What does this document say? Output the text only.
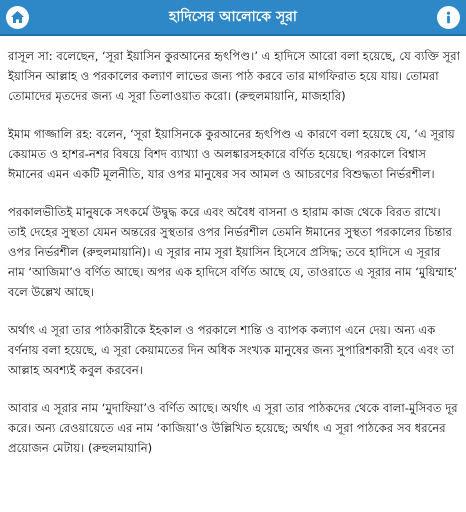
হাদিসের আলোকে সূরা

রাসূল সা: বলেছেন, ‘সূরা ইয়াসিন কুরআনের হৃৎপিণ্ড।’ এ হাদিসে আরো বলা হয়েছে, যে ব্যক্তি সূরা ইয়াসিন আল্লাহ ও পরকালের কল্যাণ লাভের জন্য পাঠ করবে তার মাগফিরাত হয়ে যায়। তোমরা তোমাদের মৃতদের জন্য এ সূরা তিলাওয়াত করো। (রুহুলমায়ানি, মাজহারি)

ইমাম গাজ্জালি রহ: বলেন, ‘সূরা ইয়াসিনকে কুরআনের হৃৎপিণ্ড এ কারণে বলা হয়েছে যে, ‘এ সূরায় কেয়ামত ও হাশর-নশর বিষয়ে বিশদ ব্যাখ্যা ও অলঙ্কারসহকারে বর্ণিত হয়েছে। পরকালে বিশ্বাস ঈমানের এমন একটি মূলনীতি, যার ওপর মানুষের সব আমল ও আচরণের বিশুদ্ধতা নির্ভরশীল।

পরকালভীতিই মানুষকে সৎকর্মে উদ্বুদ্ধ করে এবং অবৈধ বাসনা ও হারাম কাজ থেকে বিরত রাখে। তাই দেহের সুস্থতা যেমন অন্তরের সুস্থতার ওপর নির্ভরশীল তেমনি ঈমানের সুস্থতা পরকালের চিন্তার ওপর নির্ভরশীল (রুহুলমায়ানি)। এ সূরার নাম সূরা ইয়াসিন হিসেবে প্রসিদ্ধ; তবে হাদিসে এ সূরার নাম ‘আজিমা’ও বর্ণিত আছে। অপর এক হাদিসে বর্ণিত আছে যে, তাওরাতে এ সূরার নাম ‘মুয়িম্মাহ’ বলে উল্লেখ আছে।

অর্থাৎ এ সূরা তার পাঠকারীকে ইহকাল ও পরকালে শান্তি ও ব্যাপক কল্যাণ এনে দেয়। অন্য এক বর্ণনায় বলা হয়েছে, এ সূরা কেয়ামতের দিন অধিক সংখ্যক মানুষের জন্য সুপারিশকারী হবে এবং তা আল্লাহ অবশ্যই কবুল করবেন।

আবার এ সূরার নাম ‘মুদাফিয়া’ও বর্ণিত আছে। অর্থাৎ এ সূরা তার পাঠকদের থেকে বালা-মুসিবত দূর করে। অন্য রেওয়ায়েতে এর নাম ‘কাজিয়া’ও উল্লিখিত হয়েছে; অর্থাৎ এ সূরা পাঠকের সব ধরনের প্রয়োজন মেটায়। (রুহুলমায়ানি)
